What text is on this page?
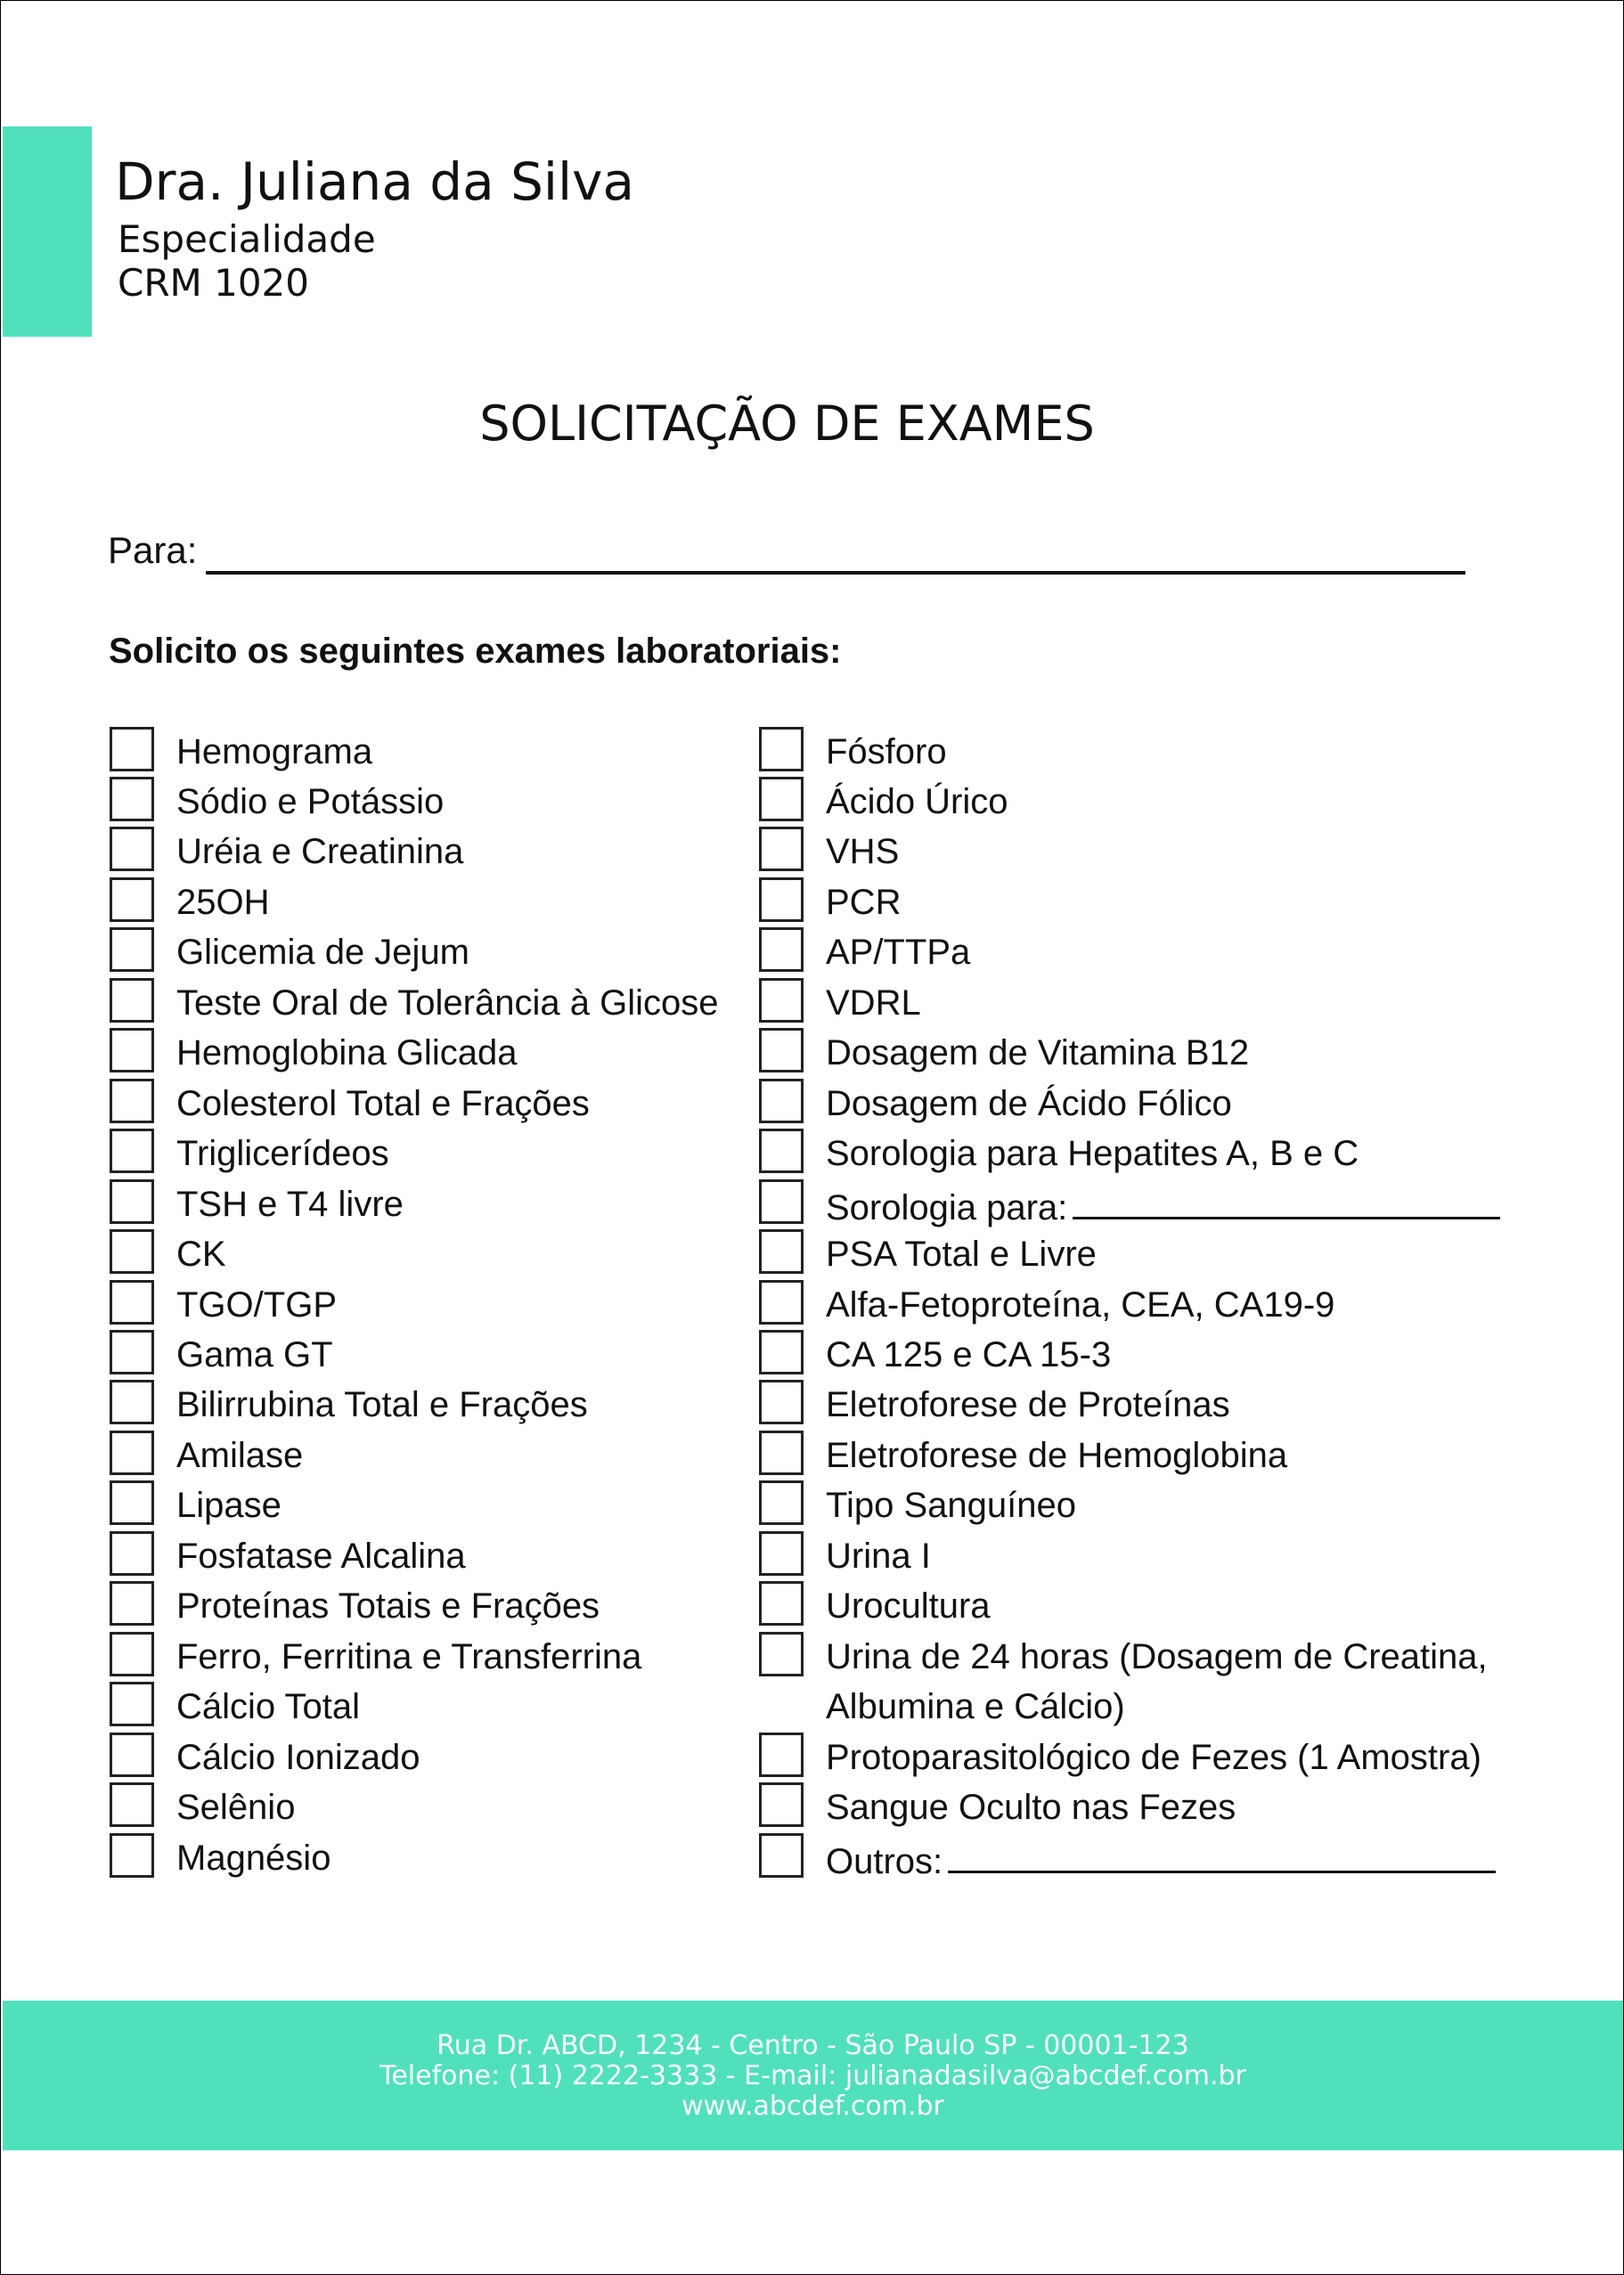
Dra. Juliana da Silva
Especialidade
CRM 1020
SOLICITAÇÃO DE EXAMES
Para:
Solicito os seguintes exames laboratoriais:
Hemograma
Sódio e Potássio
Uréia e Creatinina
25OH
Glicemia de Jejum
Teste Oral de Tolerância à Glicose
Hemoglobina Glicada
Colesterol Total e Frações
Triglicerídeos
TSH e T4 livre
CK
TGO/TGP
Gama GT
Bilirrubina Total e Frações
Amilase
Lipase
Fosfatase Alcalina
Proteínas Totais e Frações
Ferro, Ferritina e Transferrina
Cálcio Total
Cálcio Ionizado
Selênio
Magnésio
Fósforo
Ácido Úrico
VHS
PCR
AP/TTPa
VDRL
Dosagem de Vitamina B12
Dosagem de Ácido Fólico
Sorologia para Hepatites A, B e C
Sorologia para:
PSA Total e Livre
Alfa-Fetoproteína, CEA, CA19-9
CA 125 e CA 15-3
Eletroforese de Proteínas
Eletroforese de Hemoglobina
Tipo Sanguíneo
Urina I
Urocultura
Urina de 24 horas (Dosagem de Creatina,
Albumina e Cálcio)
Protoparasitológico de Fezes (1 Amostra)
Sangue Oculto nas Fezes
Outros:
Rua Dr. ABCD, 1234 - Centro - São Paulo SP - 00001-123
Telefone: (11) 2222-3333 - E-mail: julianadasilva@abcdef.com.br
www.abcdef.com.br
